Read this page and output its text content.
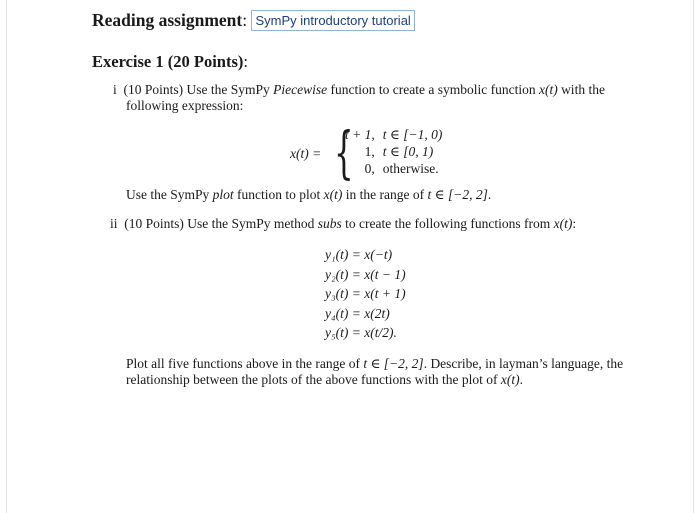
Reading assignment: SymPy introductory tutorial
Exercise 1 (20 Points):
i (10 Points) Use the SymPy Piecewise function to create a symbolic function x(t) with the
following expression:
x(t) = {
t + 1,	t ∈ [−1, 0)
1,	t ∈ [0, 1)
0,	otherwise.
Use the SymPy plot function to plot x(t) in the range of t ∈ [−2, 2].
ii (10 Points) Use the SymPy method subs to create the following functions from x(t):
y₁(t) = x(−t)
y₂(t) = x(t − 1)
y₃(t) = x(t + 1)
y₄(t) = x(2t)
y₅(t) = x(t/2).
Plot all five functions above in the range of t ∈ [−2, 2]. Describe, in layman’s language, the
relationship between the plots of the above functions with the plot of x(t).
